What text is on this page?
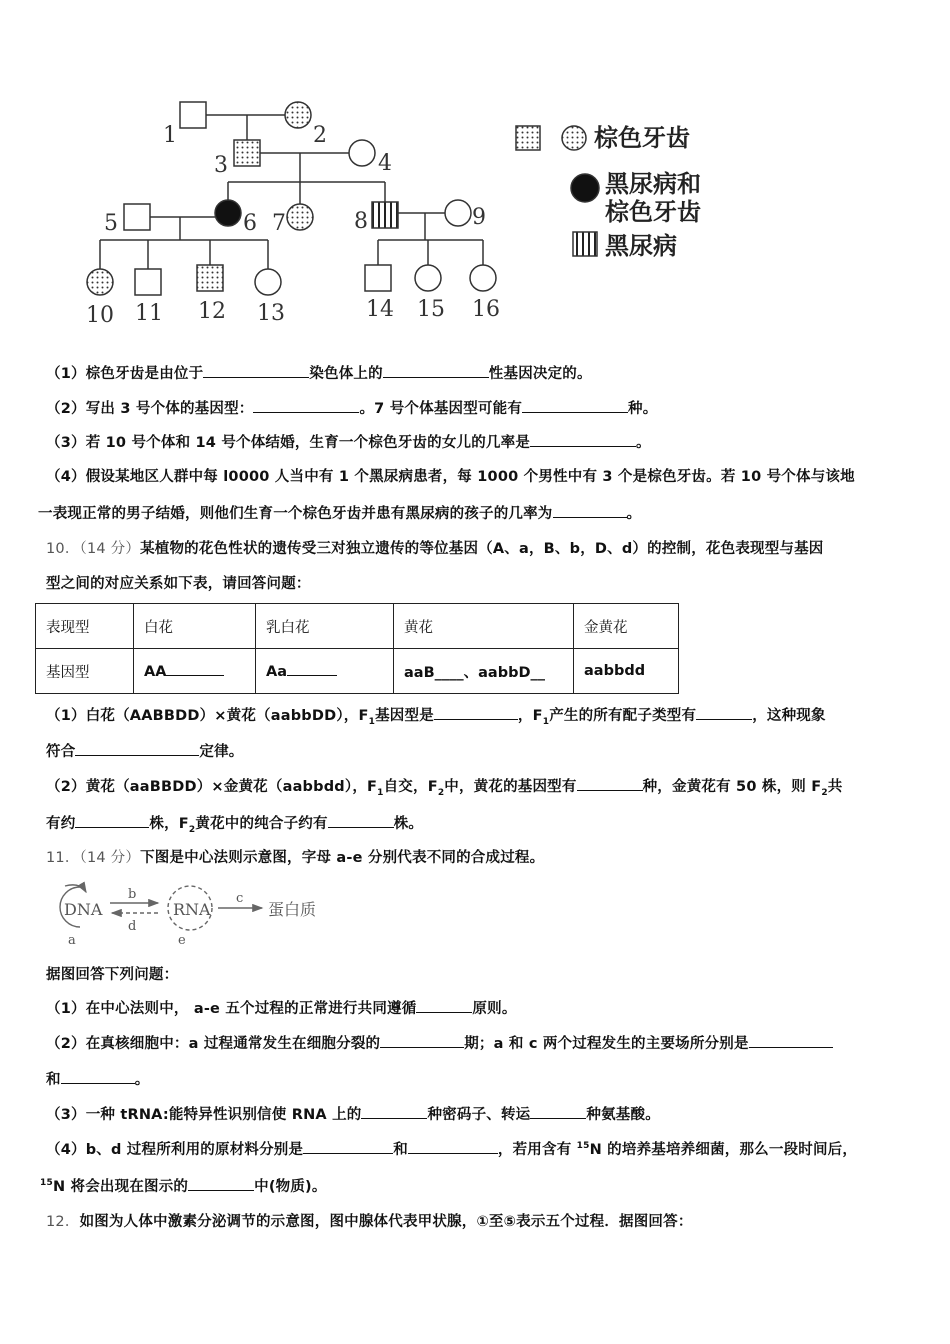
1	2
3	4
5	6 7	8	9
10 11 12 13	14 15 16
棕色牙齿
黑尿病和
棕色牙齿
黑尿病
（1）棕色牙齿是由位于	染色体上的	性基因决定的。
（2）写出 3 号个体的基因型：	。7 号个体基因型可能有	种。
（3）若 10 号个体和 14 号个体结婚，生育一个棕色牙齿的女儿的几率是	。
（4）假设某地区人群中每 l0000 人当中有 1 个黑尿病患者，每 1000 个男性中有 3 个是棕色牙齿。若 10 号个体与该地
一表现正常的男子结婚，则他们生育一个棕色牙齿并患有黑尿病的孩子的几率为	。
10．（14 分）某植物的花色性状的遗传受三对独立遗传的等位基因（A、a，B、b，D、d）的控制，花色表现型与基因
型之间的对应关系如下表，请回答问题：
表现型	白花	乳白花	黄花	金黄花
基因型	AA	Aa	aaB____、aabbD__	aabbdd
（1）白花（AABBDD）×黄花（aabbDD），$F_1$基因型是	，$F_1$产生的所有配子类型有	，这种现象
符合	定律。
（2）黄花（aaBBDD）×金黄花（aabbdd），$F_1$自交，$F_2$中，黄花的基因型有	种，金黄花有 50 株，则 $F_2$共
有约	株，$F_2$黄花中的纯合子约有	株。
11．（14 分）下图是中心法则示意图，字母 a-e 分别代表不同的合成过程。
DNA	RNA	蛋白质
a
b	c
d
e
据图回答下列问题：
（1）在中心法则中， a-e 五个过程的正常进行共同遵循	原则。
（2）在真核细胞中：a 过程通常发生在细胞分裂的	期；a 和 c 两个过程发生的主要场所分别是
和	。
（3）一种 tRNA:能特异性识别信使 RNA 上的	种密码子、转运	种氨基酸。
（4）b、d 过程所利用的原材料分别是	和	，若用含有 $^{15}$N 的培养基培养细菌，那么一段时间后，
$^{15}$N 将会出现在图示的	中(物质)。
12．如图为人体中激素分泌调节的示意图，图中腺体代表甲状腺，①至⑤表示五个过程．据图回答：
